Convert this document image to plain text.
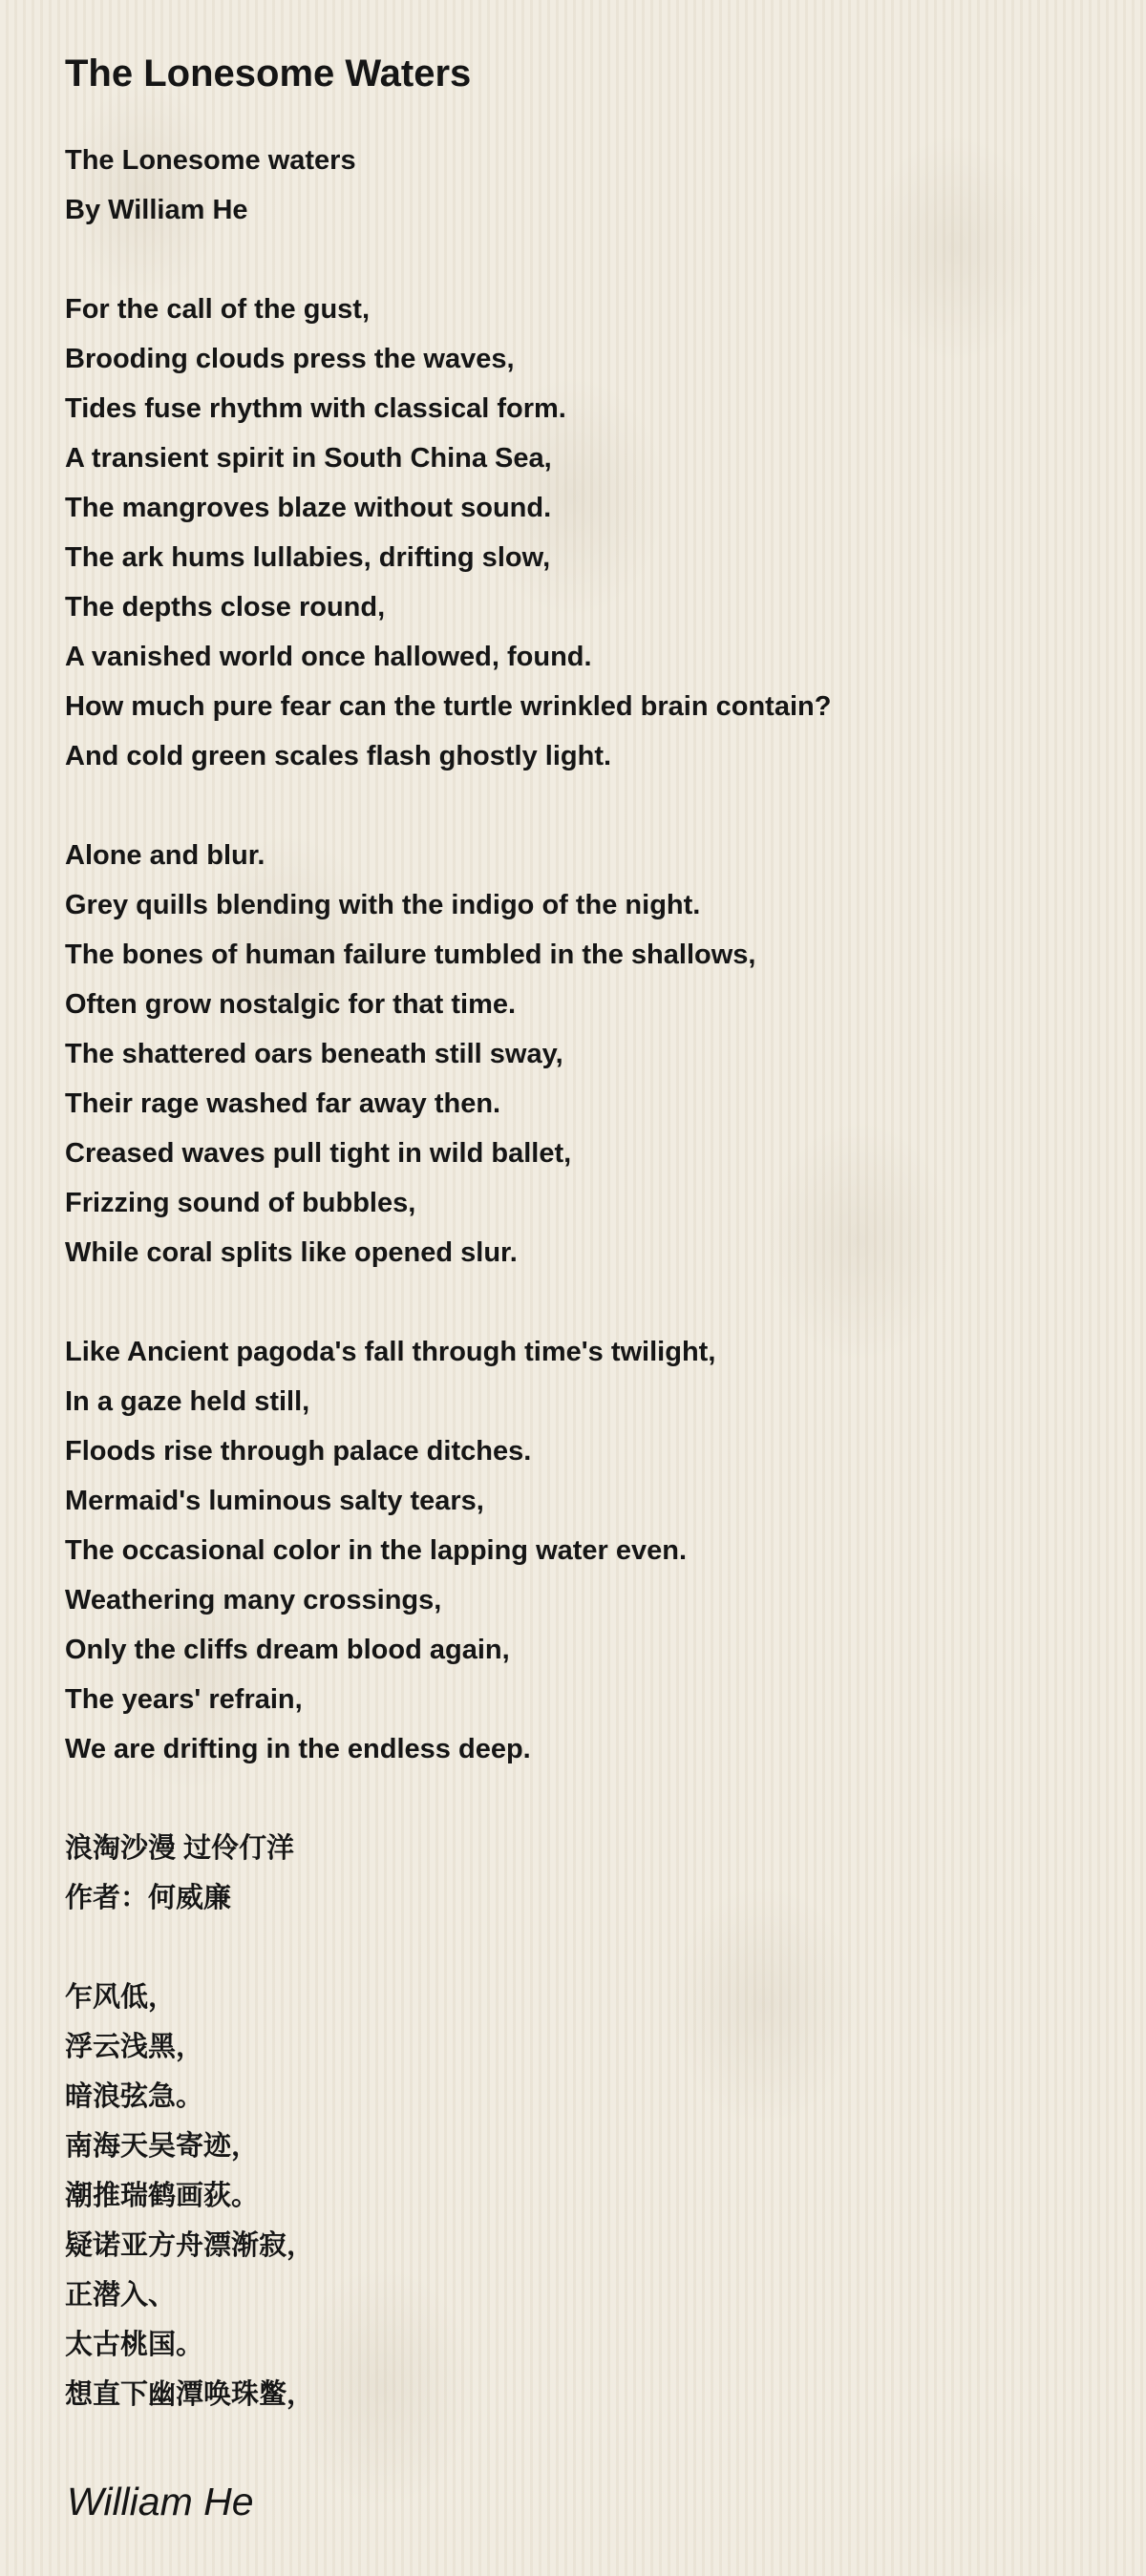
The Lonesome Waters
The Lonesome waters
By William He
For the call of the gust,
Brooding clouds press the waves,
Tides fuse rhythm with classical form.
A transient spirit in South China Sea,
The mangroves blaze without sound.
The ark hums lullabies, drifting slow,
The depths close round,
A vanished world once hallowed, found.
How much pure fear can the turtle wrinkled brain contain?
And cold green scales flash ghostly light.
Alone and blur.
Grey quills blending with the indigo of the night.
The bones of human failure tumbled in the shallows,
Often grow nostalgic for that time.
The shattered oars beneath still sway,
Their rage washed far away then.
Creased waves pull tight in wild ballet,
Frizzing sound of bubbles,
While coral splits like opened slur.
Like Ancient pagoda's fall through time's twilight,
In a gaze held still,
Floods rise through palace ditches.
Mermaid's luminous salty tears,
The occasional color in the lapping water even.
Weathering many crossings,
Only the cliffs dream blood again,
The years' refrain,
We are drifting in the endless deep.
浪淘沙漫 过伶仃洋
作者：何威廉
乍风低，
浮云浅黑，
暗浪弦急。
南海天吴寄迹，
潮推瑞鹤画荻。
疑诺亚方舟漂渐寂，
正潜入、
太古桃国。
想直下幽潭唤珠鳖，
William He
